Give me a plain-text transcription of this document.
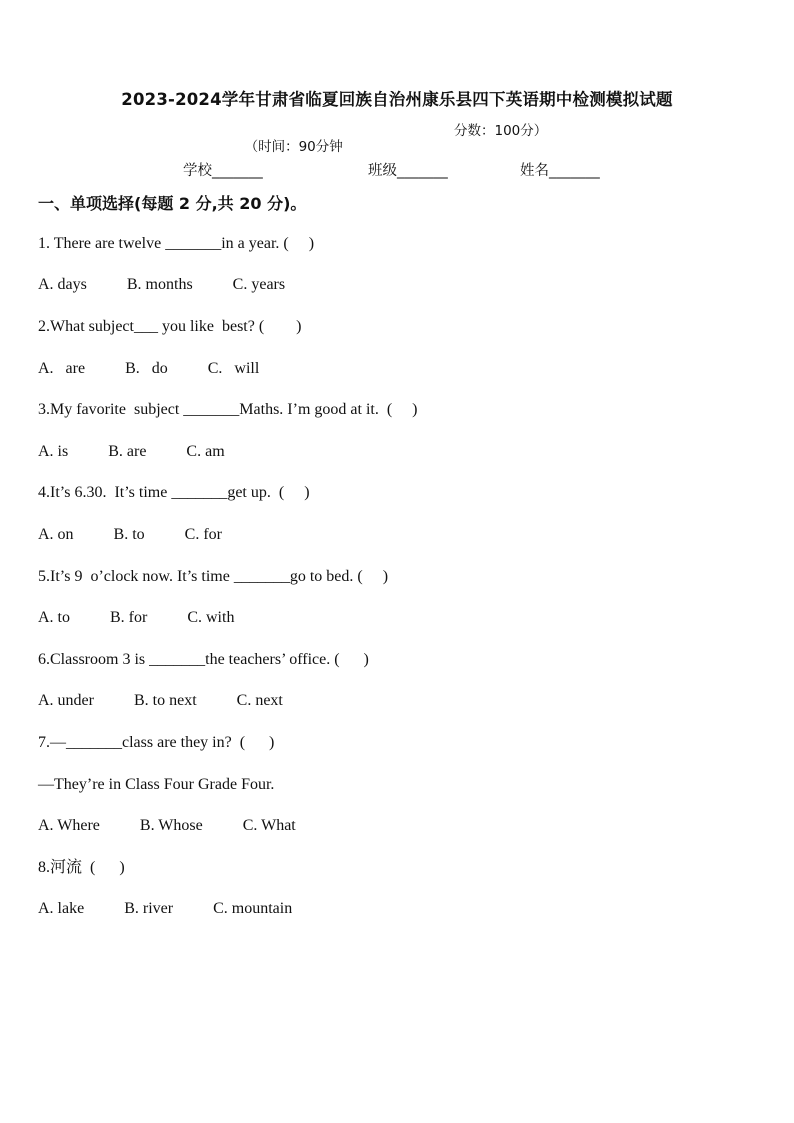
2023-2024学年甘肃省临夏回族自治州康乐县四下英语期中检测模拟试题

（时间：90分钟

分数：100分）

学校_______	班级_______	姓名_______
一、单项选择(每题 2 分,共 20 分)。
1. There are twelve _______in a year. (     )
A. days          B. months          C. years
2.What subject___ you like  best? (        )
A.   are          B.   do          C.   will
3.My favorite  subject _______Maths. I’m good at it.  (     )
A. is          B. are          C. am
4.It’s 6.30.  It’s time _______get up.  (     )
A. on          B. to          C. for
5.It’s 9  o’clock now. It’s time _______go to bed. (     )
A. to          B. for          C. with
6.Classroom 3 is _______the teachers’ office. (      )
A. under          B. to next          C. next
7.—_______class are they in?  (      )
—They’re in Class Four Grade Four.
A. Where          B. Whose          C. What
8.河流  (      )
A. lake          B. river          C. mountain
